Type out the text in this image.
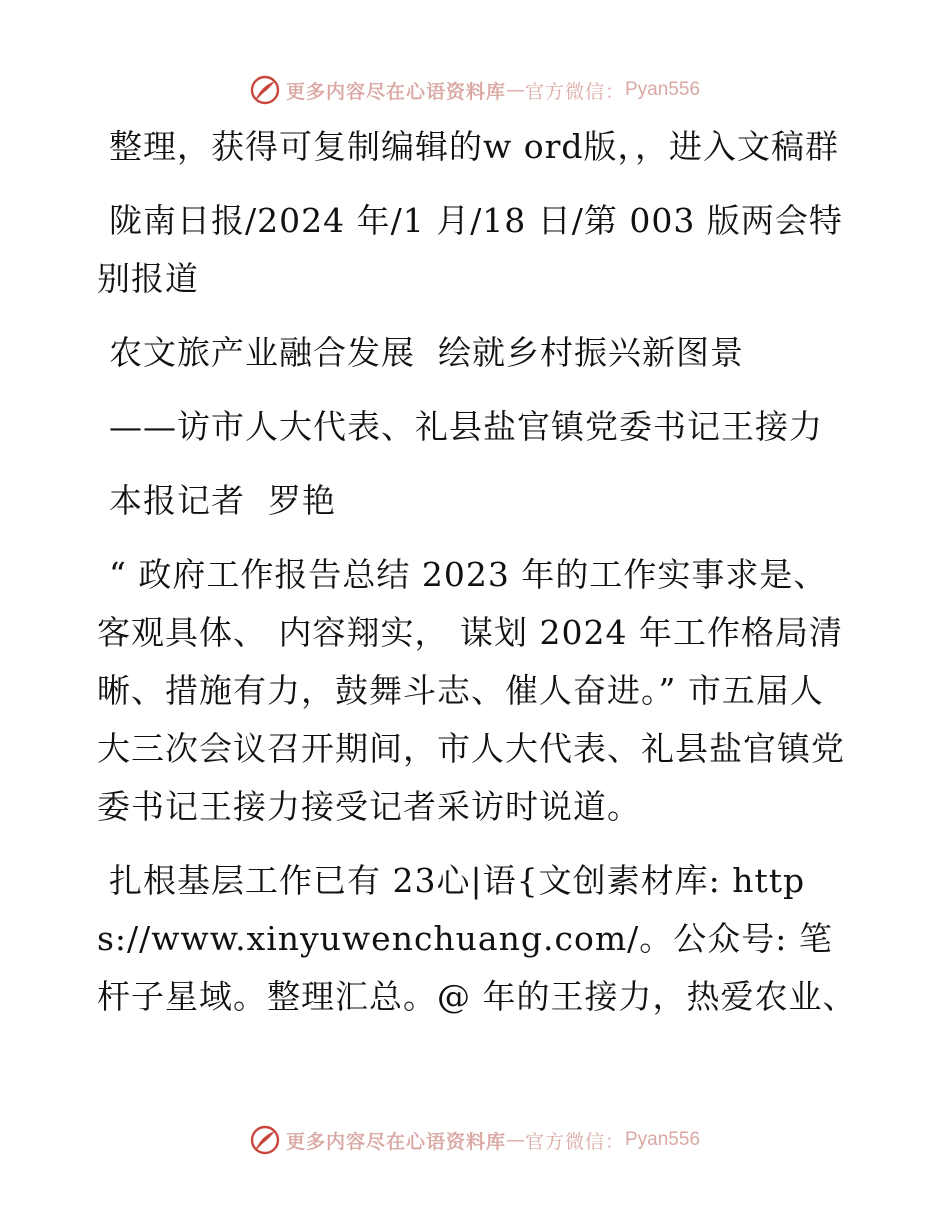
更多内容尽在心语资料库 — 官方微信： Pyan556

整理，获得可复制编辑的w ord版，，进入文稿群

陇南日报/2024 年/1 月/18 日/第 003 版两会特别报道

农文旅产业融合发展  绘就乡村振兴新图景

——访市人大代表、礼县盐官镇党委书记王接力

本报记者  罗艳

“ 政府工作报告总结 2023 年的工作实事求是、客观具体、 内容翔实， 谋划 2024 年工作格局清晰、措施有力，鼓舞斗志、催人奋进。” 市五届人大三次会议召开期间，市人大代表、礼县盐官镇党委书记王接力接受记者采访时说道。

扎根基层工作已有 23心|语{文创素材库: https://www.xinyuwenchuang.com/。公众号: 笔杆子星域。整理汇总。@ 年的王接力，热爱农业、

更多内容尽在心语资料库 — 官方微信： Pyan556
